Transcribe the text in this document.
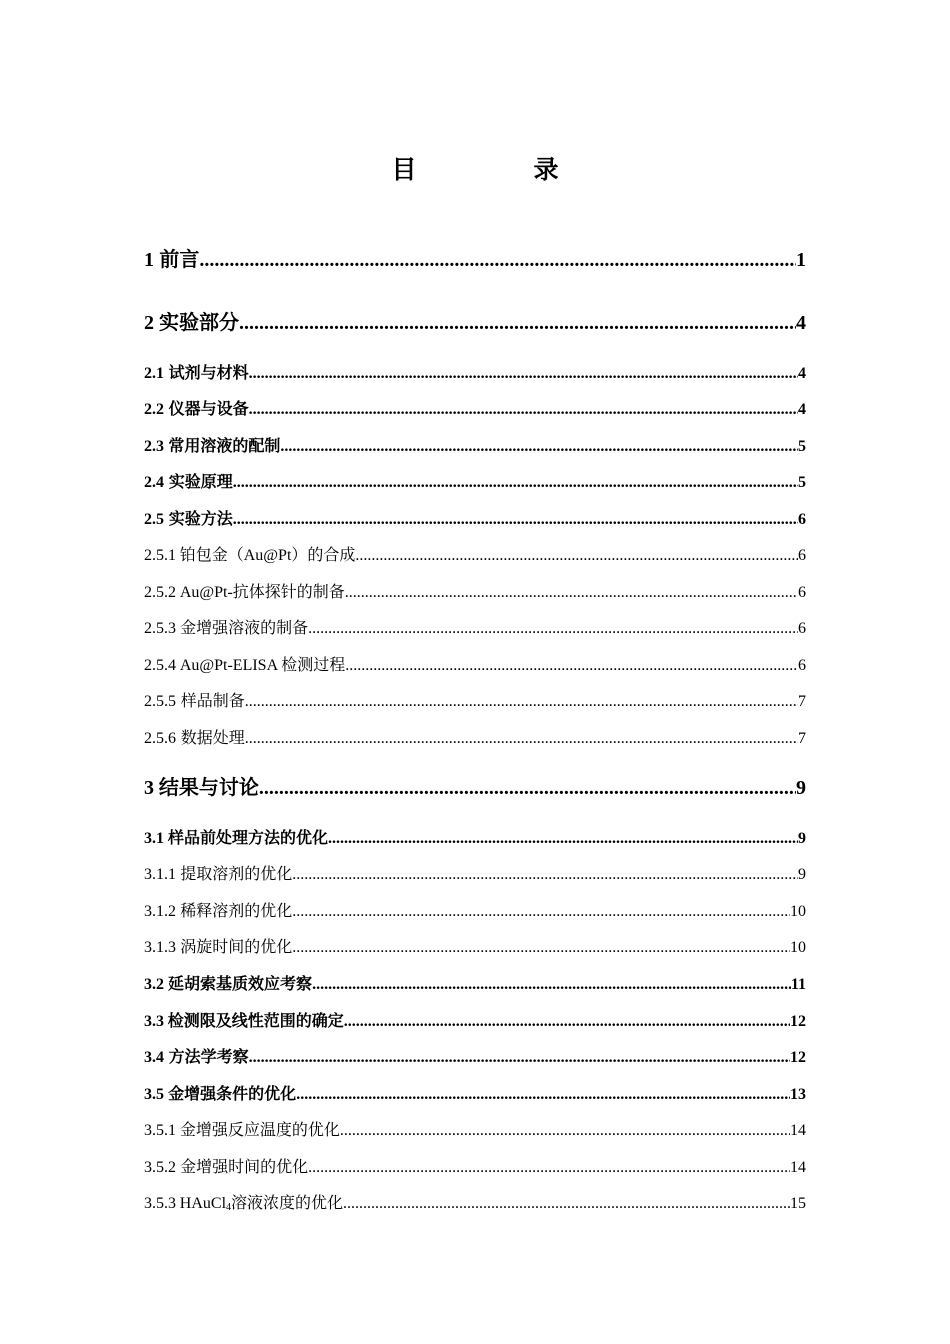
目　录
1 前言 .....	1
2 实验部分 .....	4
2.1 试剂与材料 .....	4
2.2 仪器与设备 .....	4
2.3 常用溶液的配制 .....	5
2.4 实验原理 .....	5
2.5 实验方法 .....	6
2.5.1 铂包金（Au@Pt）的合成 .....	6
2.5.2 Au@Pt-抗体探针的制备 .....	6
2.5.3 金增强溶液的制备 .....	6
2.5.4 Au@Pt-ELISA 检测过程 .....	6
2.5.5 样品制备 .....	7
2.5.6 数据处理 .....	7
3 结果与讨论 .....	9
3.1 样品前处理方法的优化 .....	9
3.1.1 提取溶剂的优化 .....	9
3.1.2 稀释溶剂的优化 .....	10
3.1.3 涡旋时间的优化 .....	10
3.2 延胡索基质效应考察 .....	11
3.3 检测限及线性范围的确定 .....	12
3.4 方法学考察 .....	12
3.5 金增强条件的优化 .....	13
3.5.1 金增强反应温度的优化 .....	14
3.5.2 金增强时间的优化 .....	14
3.5.3 HAuCl$_4$溶液浓度的优化 .....	15
